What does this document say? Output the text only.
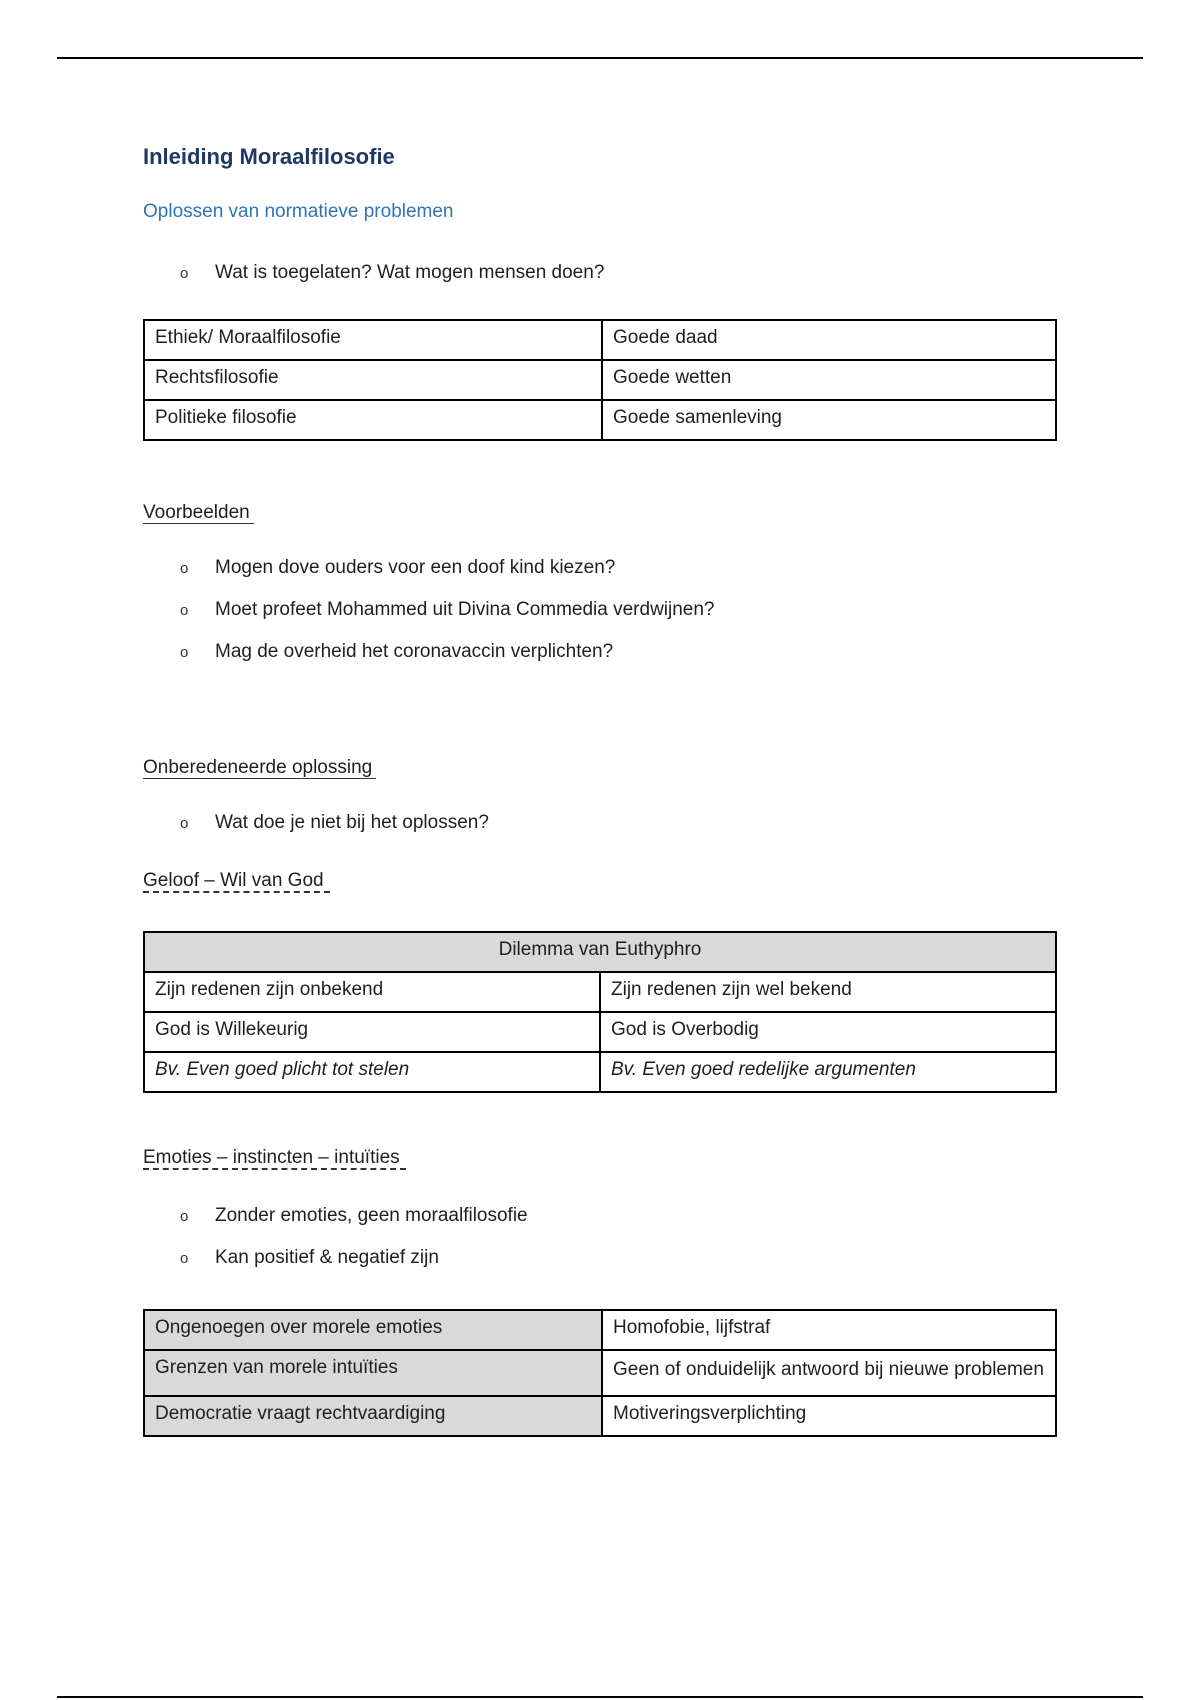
Inleiding Moraalfilosofie
Oplossen van normatieve problemen
o Wat is toegelaten? Wat mogen mensen doen?
Ethiek/ Moraalfilosofie	Goede daad
Rechtsfilosofie	Goede wetten
Politieke filosofie	Goede samenleving
Voorbeelden
o Mogen dove ouders voor een doof kind kiezen?
o Moet profeet Mohammed uit Divina Commedia verdwijnen?
o Mag de overheid het coronavaccin verplichten?
Onberedeneerde oplossing
o Wat doe je niet bij het oplossen?
Geloof – Wil van God
Dilemma van Euthyphro	
Zijn redenen zijn onbekend	Zijn redenen zijn wel bekend
God is Willekeurig	God is Overbodig
Bv. Even goed plicht tot stelen	Bv. Even goed redelijke argumenten
Emoties – instincten – intuïties
o Zonder emoties, geen moraalfilosofie
o Kan positief & negatief zijn
Ongenoegen over morele emoties	Homofobie, lijfstraf
Grenzen van morele intuïties	Geen of onduidelijk antwoord bij nieuwe problemen
Democratie vraagt rechtvaardiging	Motiveringsverplichting
